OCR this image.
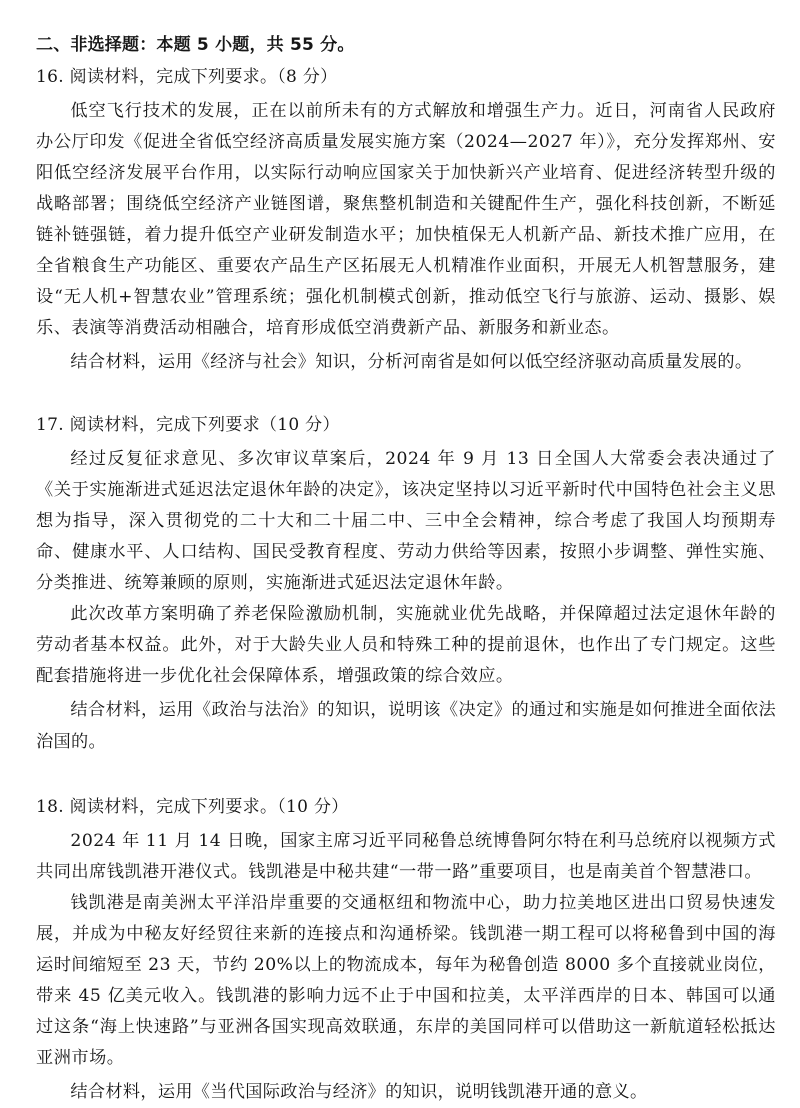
二、非选择题：本题 5 小题，共 55 分。
16. 阅读材料，完成下列要求。（8 分）

低空飞行技术的发展，正在以前所未有的方式解放和增强生产力。近日，河南省人民政府办公厅印发《促进全省低空经济高质量发展实施方案（2024—2027 年）》，充分发挥郑州、安阳低空经济发展平台作用，以实际行动响应国家关于加快新兴产业培育、促进经济转型升级的战略部署；围绕低空经济产业链图谱，聚焦整机制造和关键配件生产，强化科技创新，不断延链补链强链，着力提升低空产业研发制造水平；加快植保无人机新产品、新技术推广应用，在全省粮食生产功能区、重要农产品生产区拓展无人机精准作业面积，开展无人机智慧服务，建设“无人机+智慧农业”管理系统；强化机制模式创新，推动低空飞行与旅游、运动、摄影、娱乐、表演等消费活动相融合，培育形成低空消费新产品、新服务和新业态。

结合材料，运用《经济与社会》知识，分析河南省是如何以低空经济驱动高质量发展的。

17. 阅读材料，完成下列要求（10 分）

经过反复征求意见、多次审议草案后，2024 年 9 月 13 日全国人大常委会表决通过了《关于实施渐进式延迟法定退休年龄的决定》，该决定坚持以习近平新时代中国特色社会主义思想为指导，深入贯彻党的二十大和二十届二中、三中全会精神，综合考虑了我国人均预期寿命、健康水平、人口结构、国民受教育程度、劳动力供给等因素，按照小步调整、弹性实施、分类推进、统筹兼顾的原则，实施渐进式延迟法定退休年龄。

此次改革方案明确了养老保险激励机制，实施就业优先战略，并保障超过法定退休年龄的劳动者基本权益。此外，对于大龄失业人员和特殊工种的提前退休，也作出了专门规定。这些配套措施将进一步优化社会保障体系，增强政策的综合效应。

结合材料，运用《政治与法治》的知识，说明该《决定》的通过和实施是如何推进全面依法治国的。

18. 阅读材料，完成下列要求。（10 分）

2024 年 11 月 14 日晚，国家主席习近平同秘鲁总统博鲁阿尔特在利马总统府以视频方式共同出席钱凯港开港仪式。钱凯港是中秘共建“一带一路”重要项目，也是南美首个智慧港口。

钱凯港是南美洲太平洋沿岸重要的交通枢纽和物流中心，助力拉美地区进出口贸易快速发展，并成为中秘友好经贸往来新的连接点和沟通桥梁。钱凯港一期工程可以将秘鲁到中国的海运时间缩短至 23 天，节约 20%以上的物流成本，每年为秘鲁创造 8000 多个直接就业岗位，带来 45 亿美元收入。钱凯港的影响力远不止于中国和拉美，太平洋西岸的日本、韩国可以通过这条“海上快速路”与亚洲各国实现高效联通，东岸的美国同样可以借助这一新航道轻松抵达亚洲市场。

结合材料，运用《当代国际政治与经济》的知识，说明钱凯港开通的意义。
